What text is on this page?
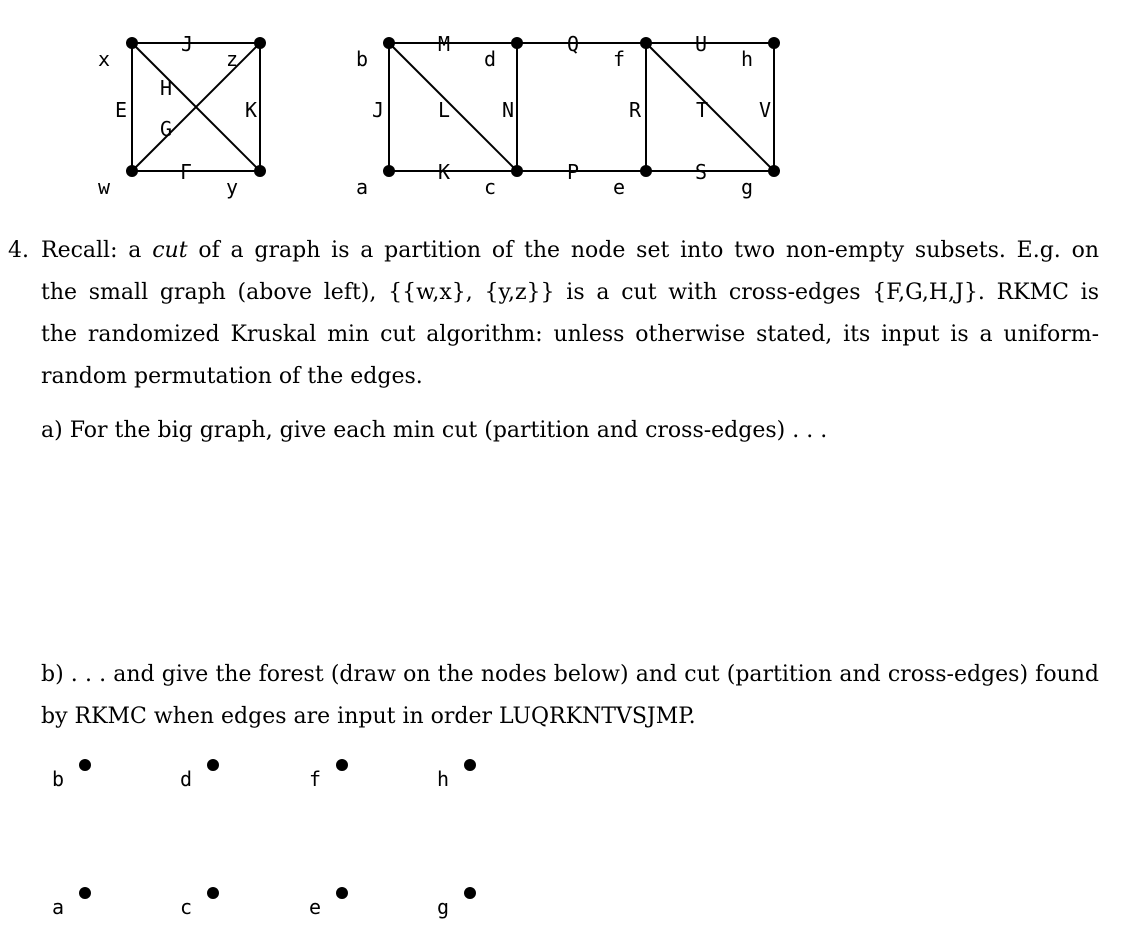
x	z
w	y
J
E	K
F
H
G
b	d	f	h
a	c	e	g
M	Q	U
K	P	S
J	N	R	V
L	T
b	d	f	h
a	c	e	g
4. Recall: a cut of a graph is a partition of the node set into two non-empty subsets. E.g. on
the small graph (above left), {{w,x}, {y,z}} is a cut with cross-edges {F,G,H,J}. RKMC is
the randomized Kruskal min cut algorithm: unless otherwise stated, its input is a uniform-
random permutation of the edges.
a) For the big graph, give each min cut (partition and cross-edges) . . .
b) . . . and give the forest (draw on the nodes below) and cut (partition and cross-edges) found
by RKMC when edges are input in order LUQRKNTVSJMP.
